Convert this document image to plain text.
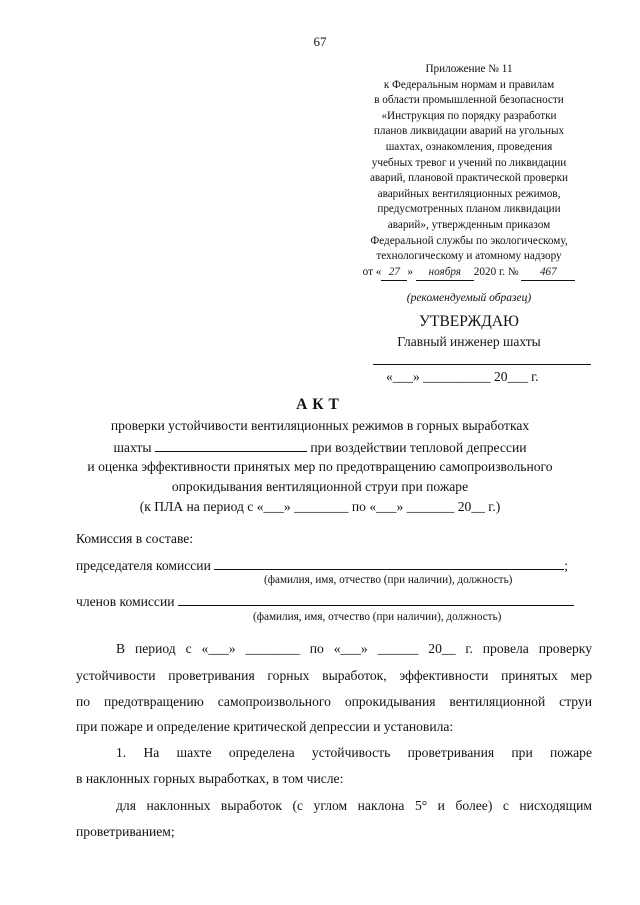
67
Приложение № 11
к Федеральным нормам и правилам
в области промышленной безопасности
«Инструкция по порядку разработки
планов ликвидации аварий на угольных
шахтах, ознакомления, проведения
учебных тревог и учений по ликвидации
аварий, плановой практической проверки
аварийных вентиляционных режимов,
предусмотренных планом ликвидации
аварий», утвержденным приказом
Федеральной службы по экологическому,
технологическому и атомному надзору
от « 27 » ноября 2020 г. № 467
(рекомендуемый образец)
УТВЕРЖДАЮ
Главный инженер шахты
«___» __________ 20___ г.
АКТ
проверки устойчивости вентиляционных режимов в горных выработках
шахты	при воздействии тепловой депрессии
и оценка эффективности принятых мер по предотвращению самопроизвольного
опрокидывания вентиляционной струи при пожаре
(к ПЛА на период с «___» ________ по «___» _______ 20__ г.)
Комиссия в составе:
председателя комиссии	;
(фамилия, имя, отчество (при наличии), должность)
членов комиссии
(фамилия, имя, отчество (при наличии), должность)
В период с «___» ________ по «___» ______ 20__ г. провела проверку
устойчивости проветривания горных выработок, эффективности принятых мер
по предотвращению самопроизвольного опрокидывания вентиляционной струи
при пожаре и определение критической депрессии и установила:
1. На шахте определена устойчивость проветривания при пожаре
в наклонных горных выработках, в том числе:
для наклонных выработок (с углом наклона 5° и более) с нисходящим
проветриванием;
